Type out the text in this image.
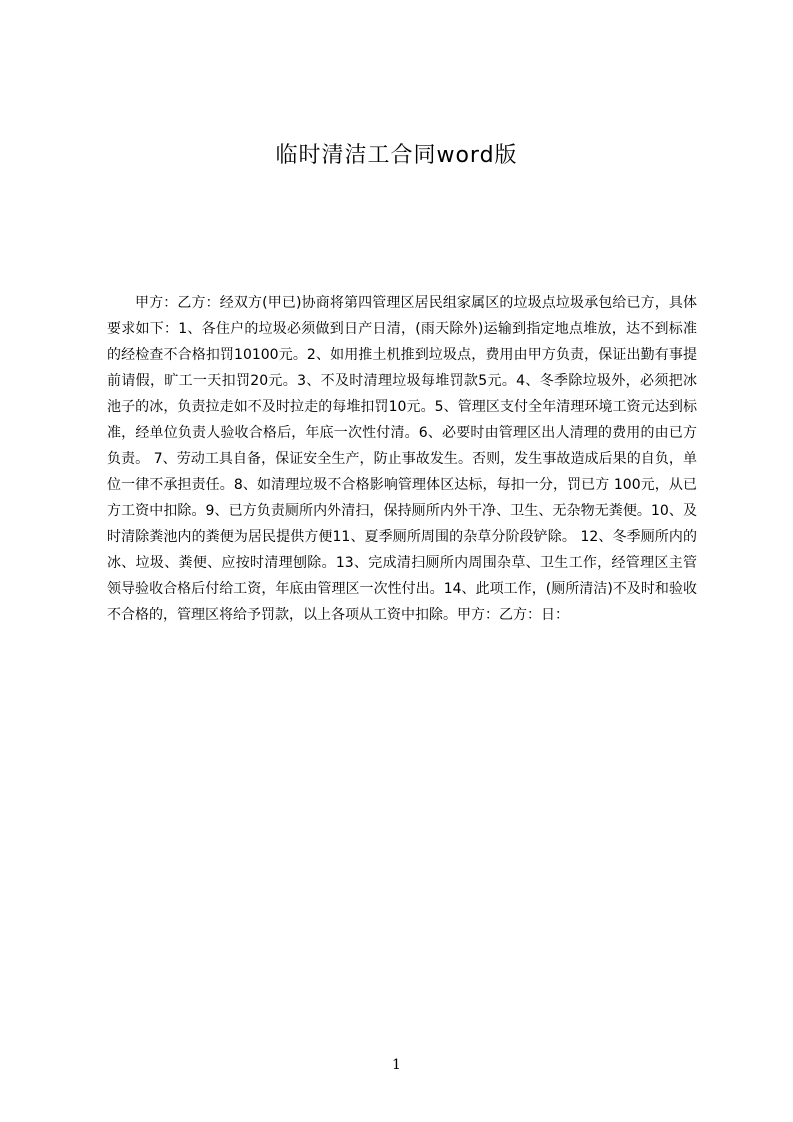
临时清洁工合同word版
甲方：乙方：经双方(甲已)协商将第四管理区居民组家属区的垃圾点垃圾承包给已方，具体要求如下：1、各住户的垃圾必须做到日产日清，(雨天除外)运输到指定地点堆放，达不到标准的经检查不合格扣罚10100元。2、如用推土机推到垃圾点，费用由甲方负责，保证出勤有事提前请假，旷工一天扣罚20元。3、不及时清理垃圾每堆罚款5元。4、冬季除垃圾外，必须把冰池子的冰，负责拉走如不及时拉走的每堆扣罚10元。5、管理区支付全年清理环境工资元达到标准，经单位负责人验收合格后，年底一次性付清。6、必要时由管理区出人清理的费用的由已方负责。 7、劳动工具自备，保证安全生产，防止事故发生。否则，发生事故造成后果的自负，单位一律不承担责任。8、如清理垃圾不合格影响管理体区达标，每扣一分，罚已方 100元，从已方工资中扣除。9、已方负责厕所内外清扫，保持厕所内外干净、卫生、无杂物无粪便。10、及时清除粪池内的粪便为居民提供方便11、夏季厕所周围的杂草分阶段铲除。 12、冬季厕所内的冰、垃圾、粪便、应按时清理刨除。13、完成清扫厕所内周围杂草、卫生工作，经管理区主管领导验收合格后付给工资，年底由管理区一次性付出。14、此项工作，(厕所清洁)不及时和验收不合格的，管理区将给予罚款，以上各项从工资中扣除。甲方：乙方：日：
1
